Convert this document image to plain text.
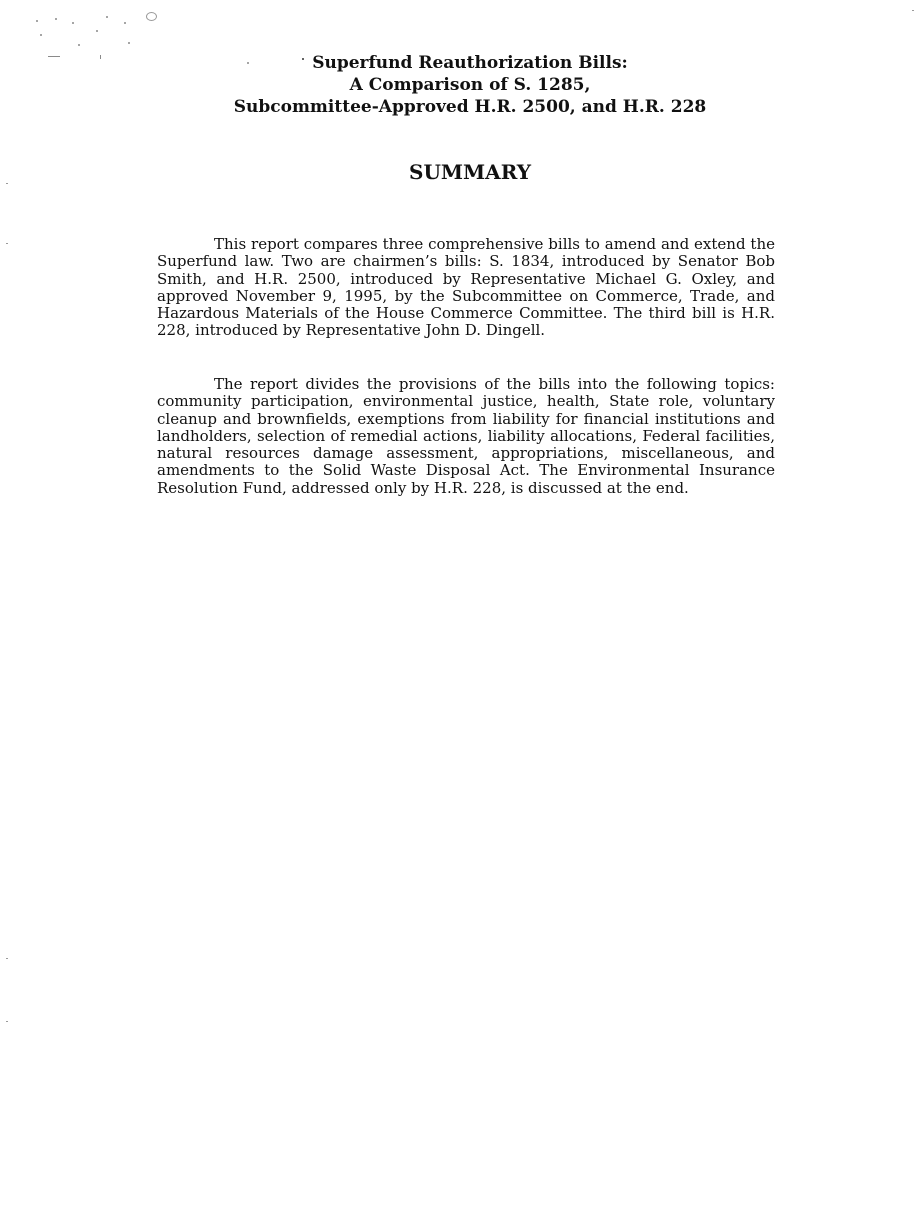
Superfund Reauthorization Bills:
A Comparison of S. 1285,
Subcommittee-Approved H.R. 2500, and H.R. 228
SUMMARY

This report compares three comprehensive bills to amend and extend the Superfund law. Two are chairmen’s bills: S. 1834, introduced by Senator Bob Smith, and H.R. 2500, introduced by Representative Michael G. Oxley, and approved November 9, 1995, by the Subcommittee on Commerce, Trade, and Hazardous Materials of the House Commerce Committee. The third bill is H.R. 228, introduced by Representative John D. Dingell.

The report divides the provisions of the bills into the following topics: community participation, environmental justice, health, State role, voluntary cleanup and brownfields, exemptions from liability for financial institutions and landholders, selection of remedial actions, liability allocations, Federal facilities, natural resources damage assessment, appropriations, miscellaneous, and amendments to the Solid Waste Disposal Act. The Environmental Insurance Resolution Fund, addressed only by H.R. 228, is discussed at the end.
